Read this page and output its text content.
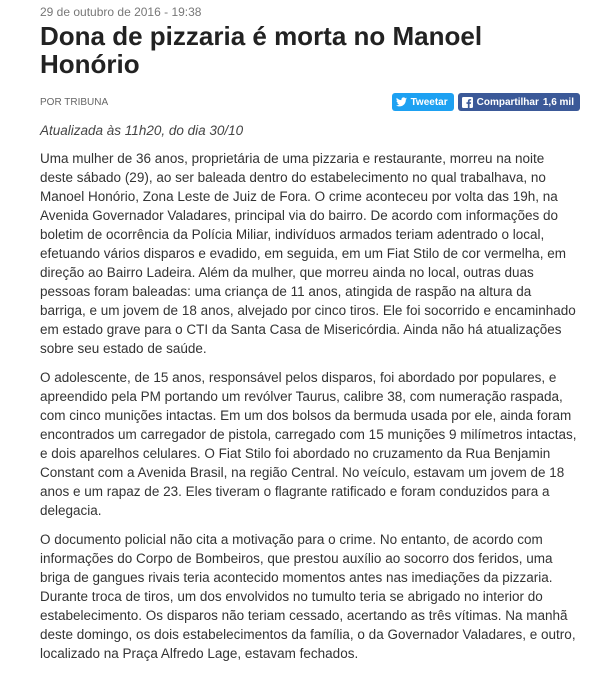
29 de outubro de 2016 - 19:38
Dona de pizzaria é morta no Manoel Honório
POR TRIBUNA	Tweetar	Compartilhar 1,6 mil
Atualizada às 11h20, do dia 30/10

Uma mulher de 36 anos, proprietária de uma pizzaria e restaurante, morreu na noite deste sábado (29), ao ser baleada dentro do estabelecimento no qual trabalhava, no Manoel Honório, Zona Leste de Juiz de Fora. O crime aconteceu por volta das 19h, na Avenida Governador Valadares, principal via do bairro. De acordo com informações do boletim de ocorrência da Polícia Miliar, indivíduos armados teriam adentrado o local, efetuando vários disparos e evadido, em seguida, em um Fiat Stilo de cor vermelha, em direção ao Bairro Ladeira. Além da mulher, que morreu ainda no local, outras duas pessoas foram baleadas: uma criança de 11 anos, atingida de raspão na altura da barriga, e um jovem de 18 anos, alvejado por cinco tiros. Ele foi socorrido e encaminhado em estado grave para o CTI da Santa Casa de Misericórdia. Ainda não há atualizações sobre seu estado de saúde.

O adolescente, de 15 anos, responsável pelos disparos, foi abordado por populares, e apreendido pela PM portando um revólver Taurus, calibre 38, com numeração raspada, com cinco munições intactas. Em um dos bolsos da bermuda usada por ele, ainda foram encontrados um carregador de pistola, carregado com 15 munições 9 milímetros intactas, e dois aparelhos celulares. O Fiat Stilo foi abordado no cruzamento da Rua Benjamin Constant com a Avenida Brasil, na região Central. No veículo, estavam um jovem de 18 anos e um rapaz de 23. Eles tiveram o flagrante ratificado e foram conduzidos para a delegacia.

O documento policial não cita a motivação para o crime. No entanto, de acordo com informações do Corpo de Bombeiros, que prestou auxílio ao socorro dos feridos, uma briga de gangues rivais teria acontecido momentos antes nas imediações da pizzaria. Durante troca de tiros, um dos envolvidos no tumulto teria se abrigado no interior do estabelecimento. Os disparos não teriam cessado, acertando as três vítimas. Na manhã deste domingo, os dois estabelecimentos da família, o da Governador Valadares, e outro, localizado na Praça Alfredo Lage, estavam fechados.
